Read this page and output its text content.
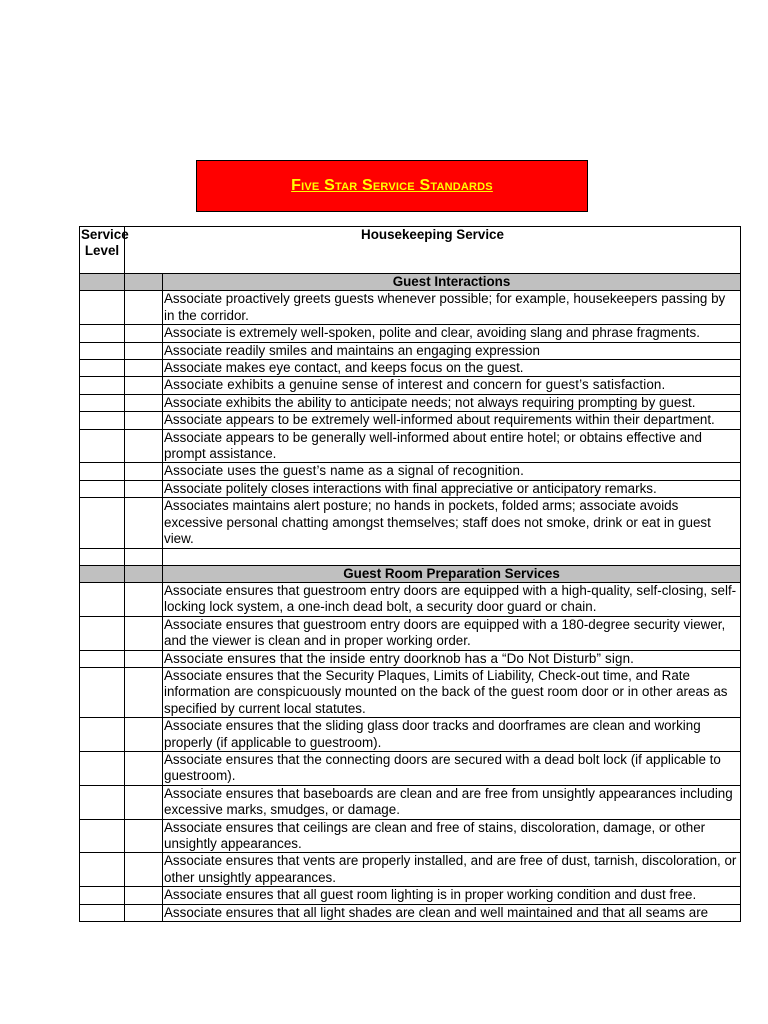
Five Star Service Standards
Service Level	Housekeeping Service	
		Guest Interactions
		Associate proactively greets guests whenever possible; for example, housekeepers passing by in the corridor.
		Associate is extremely well-spoken, polite and clear, avoiding slang and phrase fragments.
		Associate readily smiles and maintains an engaging expression
		Associate makes eye contact, and keeps focus on the guest.
		Associate exhibits a genuine sense of interest and concern for guest’s satisfaction.
		Associate exhibits the ability to anticipate needs; not always requiring prompting by guest.
		Associate appears to be extremely well-informed about requirements within their department.
		Associate appears to be generally well-informed about entire hotel; or obtains effective and prompt assistance.
		Associate uses the guest’s name as a signal of recognition.
		Associate politely closes interactions with final appreciative or anticipatory remarks.
		Associates maintains alert posture; no hands in pockets, folded arms; associate avoids excessive personal chatting amongst themselves; staff does not smoke, drink or eat in guest view.

		Guest Room Preparation Services
		Associate ensures that guestroom entry doors are equipped with a high-quality, self-closing, self-locking lock system, a one-inch dead bolt, a security door guard or chain.
		Associate ensures that guestroom entry doors are equipped with a 180-degree security viewer, and the viewer is clean and in proper working order.
		Associate ensures that the inside entry doorknob has a “Do Not Disturb” sign.
		Associate ensures that the Security Plaques, Limits of Liability, Check-out time, and Rate information are conspicuously mounted on the back of the guest room door or in other areas as specified by current local statutes.
		Associate ensures that the sliding glass door tracks and doorframes are clean and working properly (if applicable to guestroom).
		Associate ensures that the connecting doors are secured with a dead bolt lock (if applicable to guestroom).
		Associate ensures that baseboards are clean and are free from unsightly appearances including excessive marks, smudges, or damage.
		Associate ensures that ceilings are clean and free of stains, discoloration, damage, or other unsightly appearances.
		Associate ensures that vents are properly installed, and are free of dust, tarnish, discoloration, or other unsightly appearances.
		Associate ensures that all guest room lighting is in proper working condition and dust free.
		Associate ensures that all light shades are clean and well maintained and that all seams are
